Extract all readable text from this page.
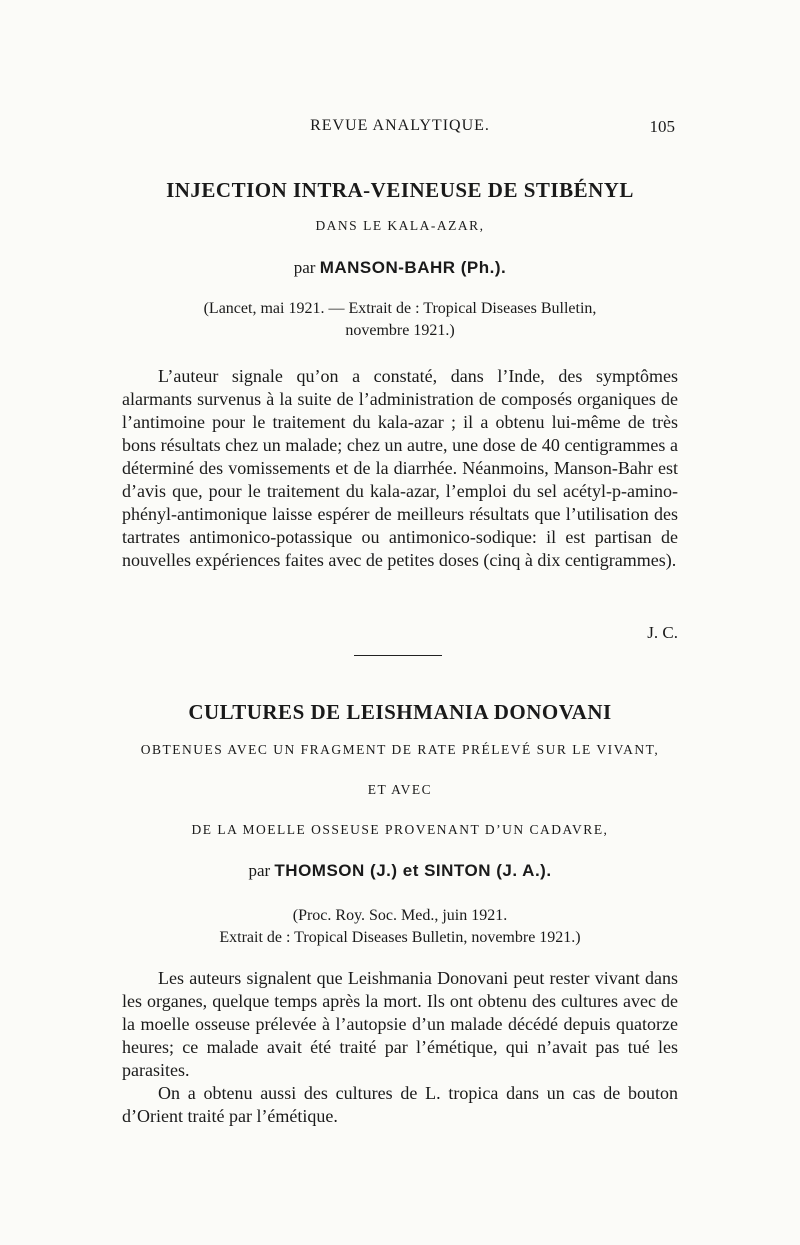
REVUE ANALYTIQUE.	105
INJECTION INTRA-VEINEUSE DE STIBÉNYL
DANS LE KALA-AZAR,
par MANSON-BAHR (Ph.).
(Lancet, mai 1921. — Extrait de : Tropical Diseases Bulletin,
novembre 1921.)

L’auteur signale qu’on a constaté, dans l’Inde, des symptômes alarmants survenus à la suite de l’administration de composés organiques de l’antimoine pour le traitement du kala-azar ; il a obtenu lui-même de très bons résultats chez un malade; chez un autre, une dose de 40 centigrammes a déterminé des vomissements et de la diarrhée. Néanmoins, Manson-Bahr est d’avis que, pour le traitement du kala-azar, l’emploi du sel acétyl-p-amino-phényl-antimonique laisse espérer de meilleurs résultats que l’utilisation des tartrates antimonico-potassique ou antimonico-sodique: il est partisan de nouvelles expériences faites avec de petites doses (cinq à dix centigrammes).

J. C.
CULTURES DE LEISHMANIA DONOVANI
OBTENUES AVEC UN FRAGMENT DE RATE PRÉLEVÉ SUR LE VIVANT,
ET AVEC
DE LA MOELLE OSSEUSE PROVENANT D’UN CADAVRE,
par THOMSON (J.) et SINTON (J. A.).
(Proc. Roy. Soc. Med., juin 1921.
Extrait de : Tropical Diseases Bulletin, novembre 1921.)

Les auteurs signalent que Leishmania Donovani peut rester vivant dans les organes, quelque temps après la mort. Ils ont obtenu des cultures avec de la moelle osseuse prélevée à l’autopsie d’un malade décédé depuis quatorze heures; ce malade avait été traité par l’émétique, qui n’avait pas tué les parasites.

On a obtenu aussi des cultures de L. tropica dans un cas de bouton d’Orient traité par l’émétique.
